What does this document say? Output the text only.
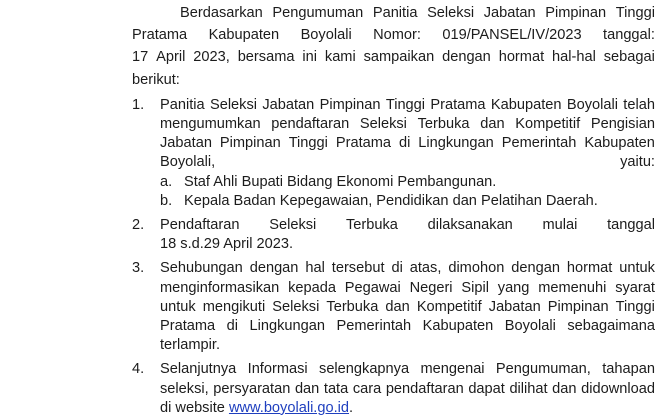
Berdasarkan Pengumuman Panitia Seleksi Jabatan Pimpinan Tinggi
Pratama Kabupaten Boyolali Nomor: 019/PANSEL/IV/2023 tanggal:
17 April 2023, bersama ini kami sampaikan dengan hormat hal-hal sebagai
berikut:
1. Panitia Seleksi Jabatan Pimpinan Tinggi Pratama Kabupaten Boyolali telah
mengumumkan pendaftaran Seleksi Terbuka dan Kompetitif Pengisian
Jabatan Pimpinan Tinggi Pratama di Lingkungan Pemerintah Kabupaten
Boyolali,	yaitu:
a. Staf Ahli Bupati Bidang Ekonomi Pembangunan.
b. Kepala Badan Kepegawaian, Pendidikan dan Pelatihan Daerah.
2. Pendaftaran Seleksi Terbuka dilaksanakan mulai tanggal
18 s.d.29 April 2023.
3. Sehubungan dengan hal tersebut di atas, dimohon dengan hormat untuk
menginformasikan kepada Pegawai Negeri Sipil yang memenuhi syarat
untuk mengikuti Seleksi Terbuka dan Kompetitif Jabatan Pimpinan Tinggi
Pratama di Lingkungan Pemerintah Kabupaten Boyolali sebagaimana
terlampir.
4. Selanjutnya Informasi selengkapnya mengenai Pengumuman, tahapan
seleksi, persyaratan dan tata cara pendaftaran dapat dilihat dan didownload
di website www.boyolali.go.id.
